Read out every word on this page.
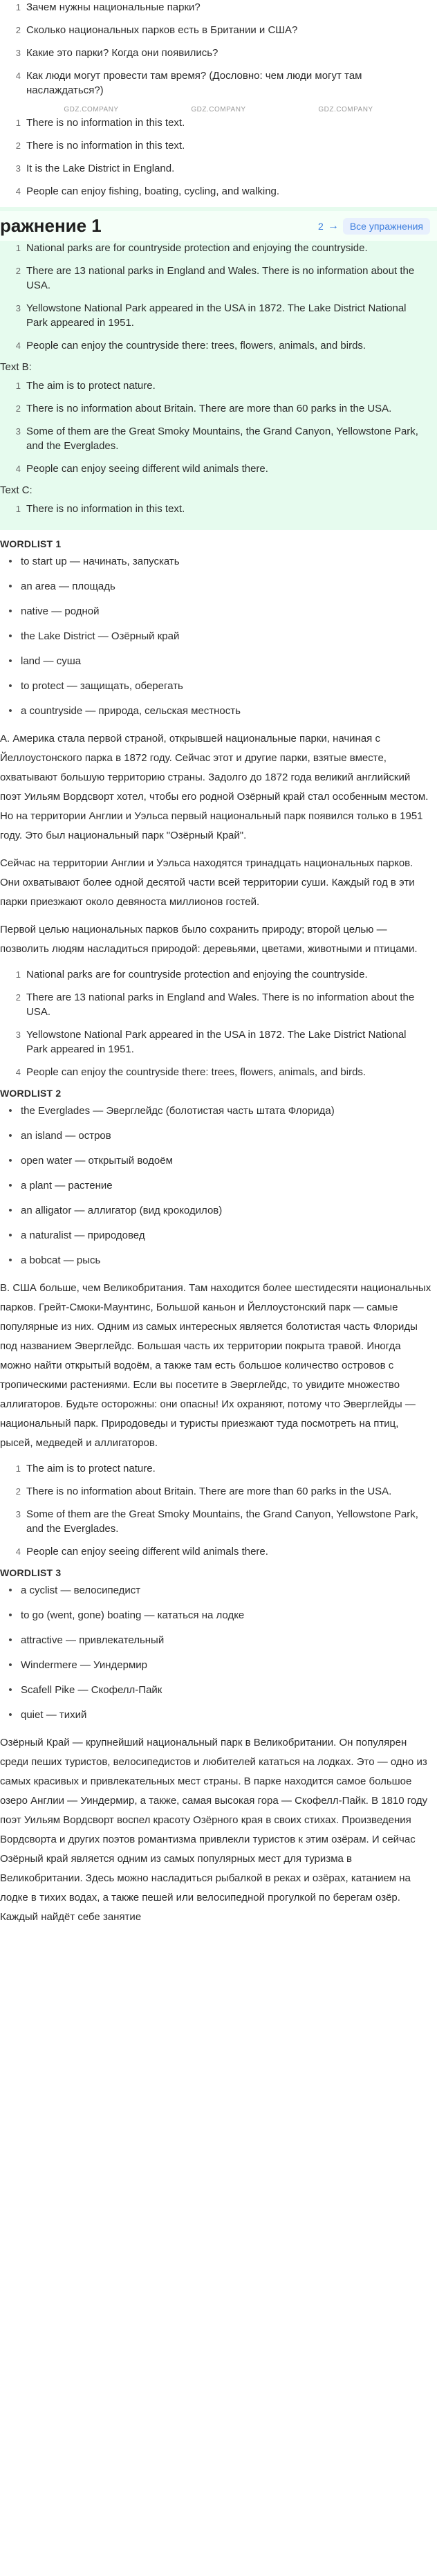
1 Зачем нужны национальные парки?
2 Сколько национальных парков есть в Британии и США?
3 Какие это парки? Когда они появились?
4 Как люди могут провести там время? (Дословно: чем люди могут там наслаждаться?)
GDZ.COMPANY	GDZ.COMPANY	GDZ.COMPANY
1 There is no information in this text.
2 There is no information in this text.
3 It is the Lake District in England.
4 People can enjoy fishing, boating, cycling, and walking.
ражнение 1	2 →	Все упражнения
1 National parks are for countryside protection and enjoying the countryside.
2 There are 13 national parks in England and Wales. There is no information about the USA.
3 Yellowstone National Park appeared in the USA in 1872. The Lake District National Park appeared in 1951.
4 People can enjoy the countryside there: trees, flowers, animals, and birds.
Text B:
1 The aim is to protect nature.
2 There is no information about Britain. There are more than 60 parks in the USA.
3 Some of them are the Great Smoky Mountains, the Grand Canyon, Yellowstone Park, and the Everglades.
4 People can enjoy seeing different wild animals there.
Text C:
1 There is no information in this text.
WORDLIST 1
• to start up — начинать, запускать
• an area — площадь
• native — родной
• the Lake District — Озёрный край
• land — суша
• to protect — защищать, оберегать
• a countryside — природа, сельская местность

A. Америка стала первой страной, открывшей национальные парки, начиная с Йеллоустонского парка в 1872 году. Сейчас этот и другие парки, взятые вместе, охватывают большую территорию страны. Задолго до 1872 года великий английский поэт Уильям Вордсворт хотел, чтобы его родной Озёрный край стал особенным местом. Но на территории Англии и Уэльса первый национальный парк появился только в 1951 году. Это был национальный парк "Озёрный Край".

Сейчас на территории Англии и Уэльса находятся тринадцать национальных парков. Они охватывают более одной десятой части всей территории суши. Каждый год в эти парки приезжают около девяноста миллионов гостей.

Первой целью национальных парков было сохранить природу; второй целью — позволить людям насладиться природой: деревьями, цветами, животными и птицами.

1 National parks are for countryside protection and enjoying the countryside.
2 There are 13 national parks in England and Wales. There is no information about the USA.
3 Yellowstone National Park appeared in the USA in 1872. The Lake District National Park appeared in 1951.
4 People can enjoy the countryside there: trees, flowers, animals, and birds.
WORDLIST 2
• the Everglades — Эверглейдс (болотистая часть штата Флорида)
• an island — остров
• open water — открытый водоём
• a plant — растение
• an alligator — аллигатор (вид крокодилов)
• a naturalist — природовед
• a bobcat — рысь

B. США больше, чем Великобритания. Там находится более шестидесяти национальных парков. Грейт-Смоки-Маунтинс, Большой каньон и Йеллоустонский парк — самые популярные из них. Одним из самых интересных является болотистая часть Флориды под названием Эверглейдс. Большая часть их территории покрыта травой. Иногда можно найти открытый водоём, а также там есть большое количество островов с тропическими растениями. Если вы посетите в Эверглейдс, то увидите множество аллигаторов. Будьте осторожны: они опасны! Их охраняют, потому что Эверглейды — национальный парк. Природоведы и туристы приезжают туда посмотреть на птиц, рысей, медведей и аллигаторов.

1 The aim is to protect nature.
2 There is no information about Britain. There are more than 60 parks in the USA.
3 Some of them are the Great Smoky Mountains, the Grand Canyon, Yellowstone Park, and the Everglades.
4 People can enjoy seeing different wild animals there.
WORDLIST 3
• a cyclist — велосипедист
• to go (went, gone) boating — кататься на лодке
• attractive — привлекательный
• Windermere — Уиндермир
• Scafell Pike — Скофелл-Пайк
• quiet — тихий

Озёрный Край — крупнейший национальный парк в Великобритании. Он популярен среди пеших туристов, велосипедистов и любителей кататься на лодках. Это — одно из самых красивых и привлекательных мест страны. В парке находится самое большое озеро Англии — Уиндермир, а также, самая высокая гора — Скофелл-Пайк. В 1810 году поэт Уильям Вордсворт воспел красоту Озёрного края в своих стихах. Произведения Вордсворта и других поэтов романтизма привлекли туристов к этим озёрам. И сейчас Озёрный край является одним из самых популярных мест для туризма в Великобритании. Здесь можно насладиться рыбалкой в реках и озёрах, катанием на лодке в тихих водах, а также пешей или велосипедной прогулкой по берегам озёр. Каждый найдёт себе занятие
